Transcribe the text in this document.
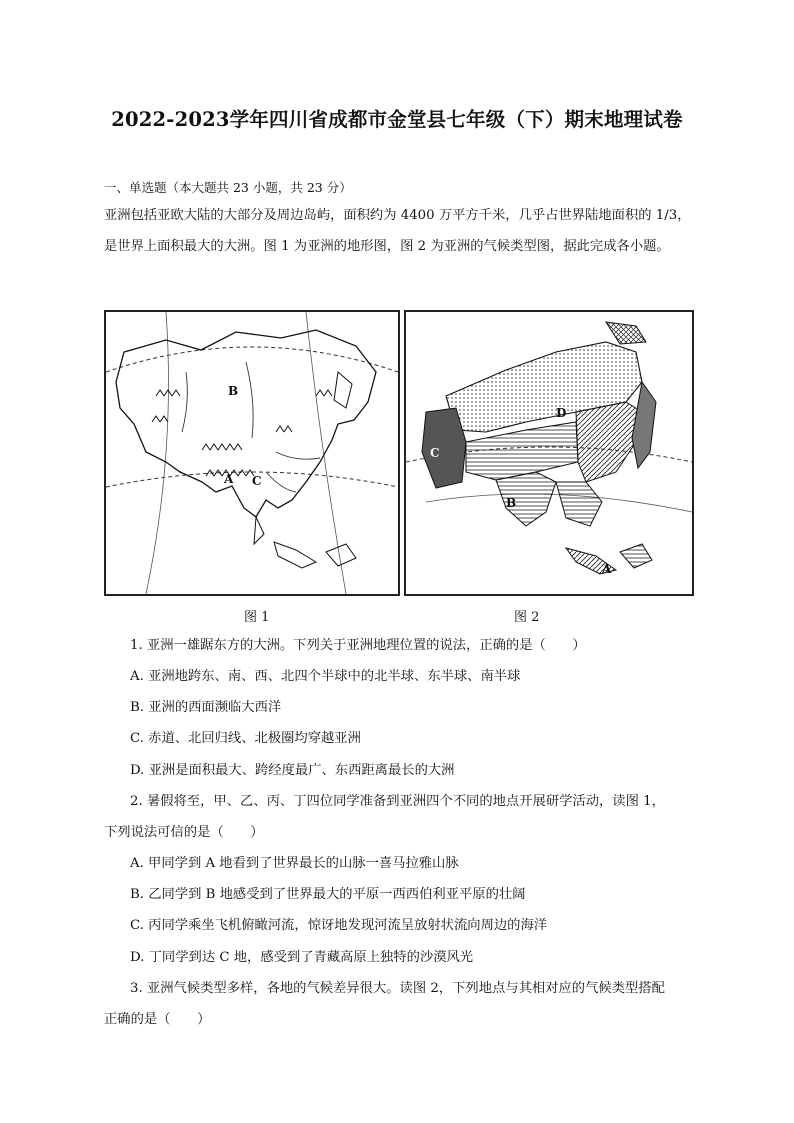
2022-2023学年四川省成都市金堂县七年级（下）期末地理试卷
一、单选题（本大题共 23 小题，共 23 分）
亚洲包括亚欧大陆的大部分及周边岛屿，面积约为 4400 万平方千米，几乎占世界陆地面积的 1/3，
是世界上面积最大的大洲。图 1 为亚洲的地形图，图 2 为亚洲的气候类型图，据此完成各小题。
B
A C
D
C
B
A
图 1	图 2
1. 亚洲一雄踞东方的大洲。下列关于亚洲地理位置的说法，正确的是（　　）
A. 亚洲地跨东、南、西、北四个半球中的北半球、东半球、南半球
B. 亚洲的西面濒临大西洋
C. 赤道、北回归线、北极圈均穿越亚洲
D. 亚洲是面积最大、跨经度最广、东西距离最长的大洲
2. 暑假将至，甲、乙、丙、丁四位同学准备到亚洲四个不同的地点开展研学活动，读图 1，
下列说法可信的是（　　）
A. 甲同学到 A 地看到了世界最长的山脉一喜马拉雅山脉
B. 乙同学到 B 地感受到了世界最大的平原一西西伯利亚平原的壮阔
C. 丙同学乘坐飞机俯瞰河流，惊讶地发现河流呈放射状流向周边的海洋
D. 丁同学到达 C 地，感受到了青藏高原上独特的沙漠风光
3. 亚洲气候类型多样，各地的气候差异很大。读图 2，下列地点与其相对应的气候类型搭配
正确的是（　　）
